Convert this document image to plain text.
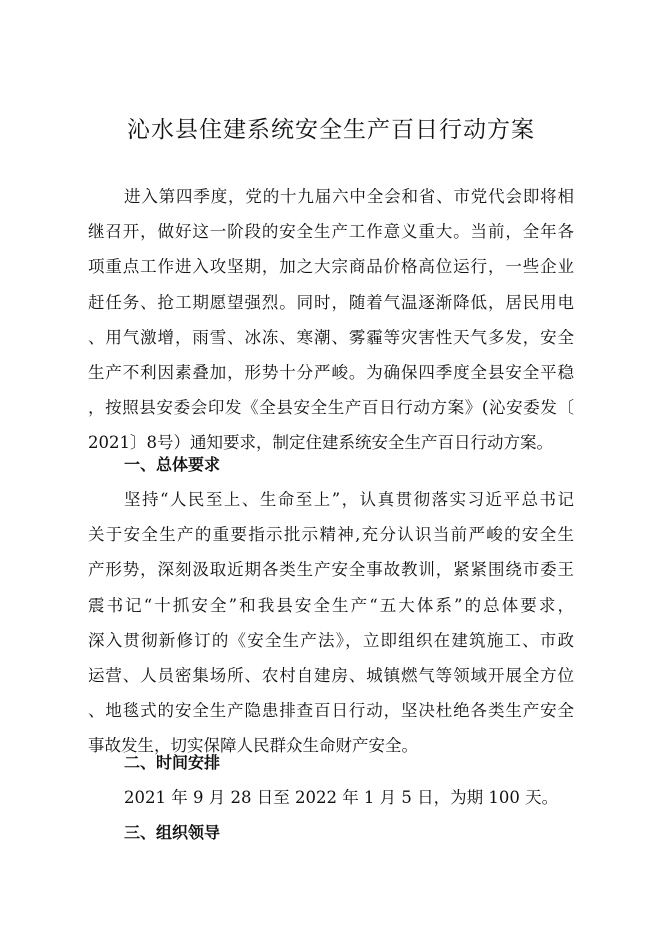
沁水县住建系统安全生产百日行动方案
进入第四季度，党的十九届六中全会和省、市党代会即将相
继召开，做好这一阶段的安全生产工作意义重大。当前，全年各
项重点工作进入攻坚期，加之大宗商品价格高位运行，一些企业
赶任务、抢工期愿望强烈。同时，随着气温逐渐降低，居民用电
、用气激增，雨雪、冰冻、寒潮、雾霾等灾害性天气多发，安全
生产不利因素叠加，形势十分严峻。为确保四季度全县安全平稳
，按照县安委会印发《全县安全生产百日行动方案》(沁安委发〔
2021〕8号）通知要求，制定住建系统安全生产百日行动方案。
一、总体要求
坚持“人民至上、生命至上”，认真贯彻落实习近平总书记
关于安全生产的重要指示批示精神,充分认识当前严峻的安全生
产形势，深刻汲取近期各类生产安全事故教训，紧紧围绕市委王
震书记“十抓安全”和我县安全生产“五大体系”的总体要求，
深入贯彻新修订的《安全生产法》，立即组织在建筑施工、市政
运营、人员密集场所、农村自建房、城镇燃气等领域开展全方位
、地毯式的安全生产隐患排查百日行动，坚决杜绝各类生产安全
事故发生，切实保障人民群众生命财产安全。
二、时间安排
2021 年 9 月 28 日至 2022 年 1 月 5 日，为期 100 天。
三、组织领导
